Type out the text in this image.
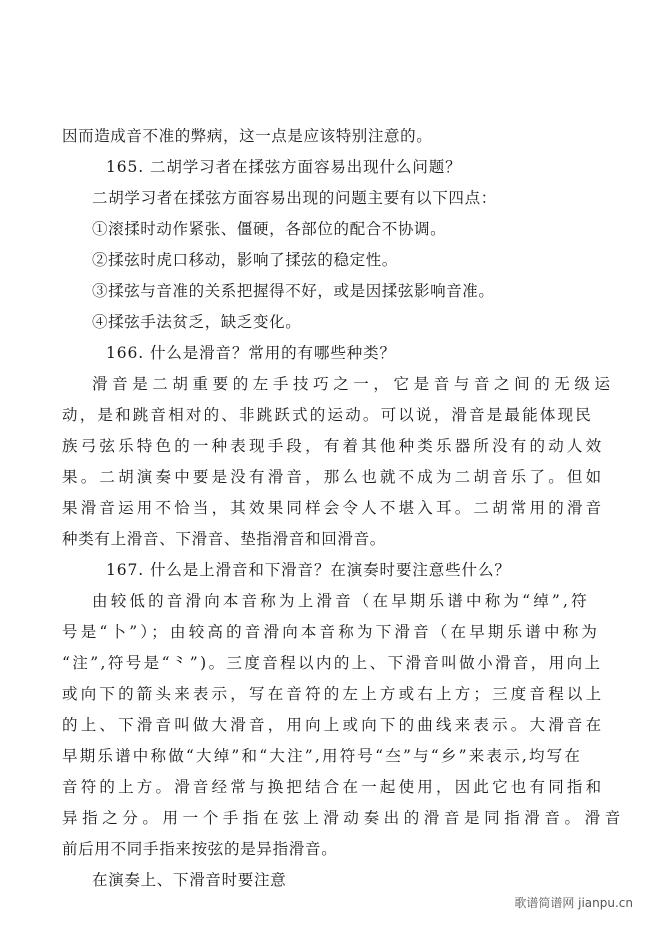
因而造成音不准的弊病，这一点是应该特别注意的。
165. 二胡学习者在揉弦方面容易出现什么问题？
二胡学习者在揉弦方面容易出现的问题主要有以下四点：
①滚揉时动作紧张、僵硬，各部位的配合不协调。
②揉弦时虎口移动，影响了揉弦的稳定性。
③揉弦与音准的关系把握得不好，或是因揉弦影响音准。
④揉弦手法贫乏，缺乏变化。
166. 什么是滑音？常用的有哪些种类？
滑音是二胡重要的左手技巧之一，它是音与音之间的无级运
动，是和跳音相对的、非跳跃式的运动。可以说，滑音是最能体现民
族弓弦乐特色的一种表现手段，有着其他种类乐器所没有的动人效
果。二胡演奏中要是没有滑音，那么也就不成为二胡音乐了。但如
果滑音运用不恰当，其效果同样会令人不堪入耳。二胡常用的滑音
种类有上滑音、下滑音、垫指滑音和回滑音。
167. 什么是上滑音和下滑音？在演奏时要注意些什么？
由较低的音滑向本音称为上滑音（在早期乐谱中称为“绰”,符
号是“卜”）；由较高的音滑向本音称为下滑音（在早期乐谱中称为
“注”,符号是“⺀”)。三度音程以内的上、下滑音叫做小滑音，用向上
或向下的箭头来表示，写在音符的左上方或右上方；三度音程以上
的上、下滑音叫做大滑音，用向上或向下的曲线来表示。大滑音在
早期乐谱中称做“大绰”和“大注”,用符号“夳”与“乡”来表示,均写在
音符的上方。滑音经常与换把结合在一起使用，因此它也有同指和
异指之分。用一个手指在弦上滑动奏出的滑音是同指滑音。滑音
前后用不同手指来按弦的是异指滑音。
在演奏上、下滑音时要注意
歌谱简谱网 jianpu.cn
